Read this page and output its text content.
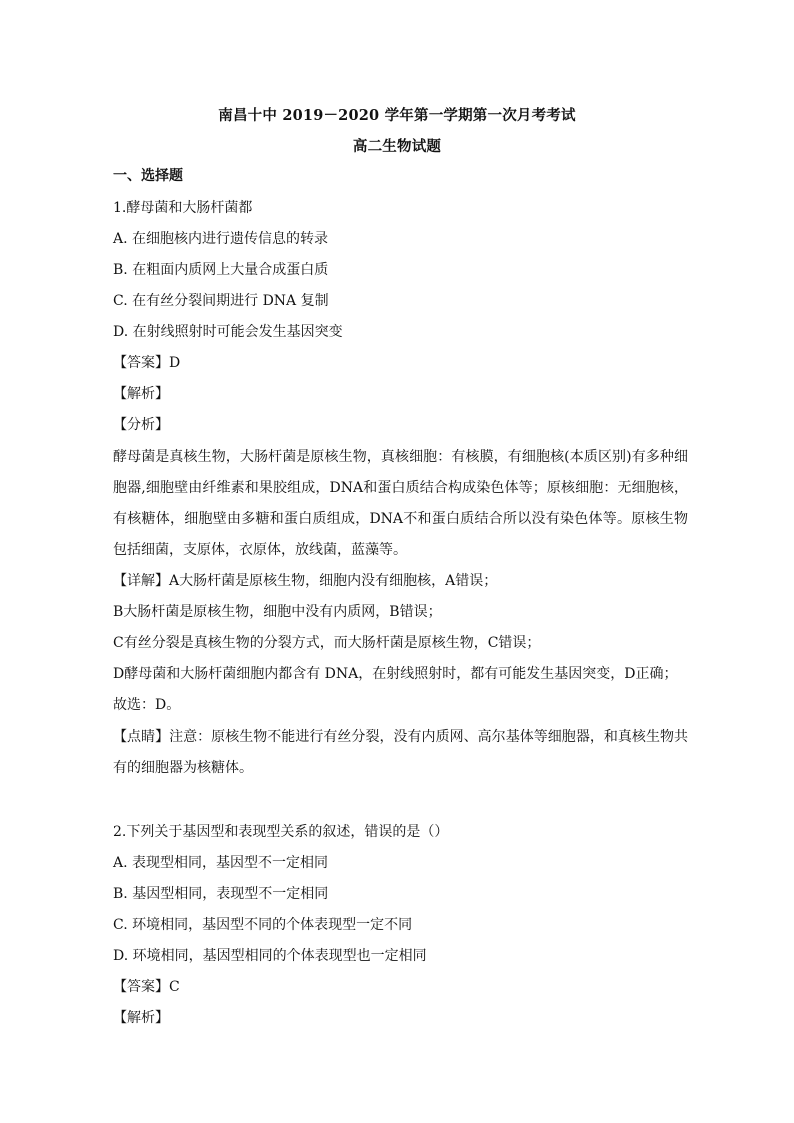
南昌十中 2019－2020 学年第一学期第一次月考考试
高二生物试题
一、选择题
1.酵母菌和大肠杆菌都
A. 在细胞核内进行遗传信息的转录
B. 在粗面内质网上大量合成蛋白质
C. 在有丝分裂间期进行 DNA 复制
D. 在射线照射时可能会发生基因突变
【答案】D
【解析】
【分析】
酵母菌是真核生物，大肠杆菌是原核生物，真核细胞：有核膜，有细胞核(本质区别)有多种细胞器,细胞壁由纤维素和果胶组成，DNA和蛋白质结合构成染色体等；原核细胞：无细胞核，有核糖体，细胞壁由多糖和蛋白质组成，DNA不和蛋白质结合所以没有染色体等。原核生物包括细菌，支原体，衣原体，放线菌，蓝藻等。
【详解】A大肠杆菌是原核生物，细胞内没有细胞核，A错误；
B大肠杆菌是原核生物，细胞中没有内质网，B错误；
C有丝分裂是真核生物的分裂方式，而大肠杆菌是原核生物，C错误；
D酵母菌和大肠杆菌细胞内都含有 DNA，在射线照射时，都有可能发生基因突变，D正确；
故选：D。
【点睛】注意：原核生物不能进行有丝分裂，没有内质网、高尔基体等细胞器，和真核生物共有的细胞器为核糖体。
2.下列关于基因型和表现型关系的叙述，错误的是（）
A. 表现型相同，基因型不一定相同
B. 基因型相同，表现型不一定相同
C. 环境相同，基因型不同的个体表现型一定不同
D. 环境相同，基因型相同的个体表现型也一定相同
【答案】C
【解析】
